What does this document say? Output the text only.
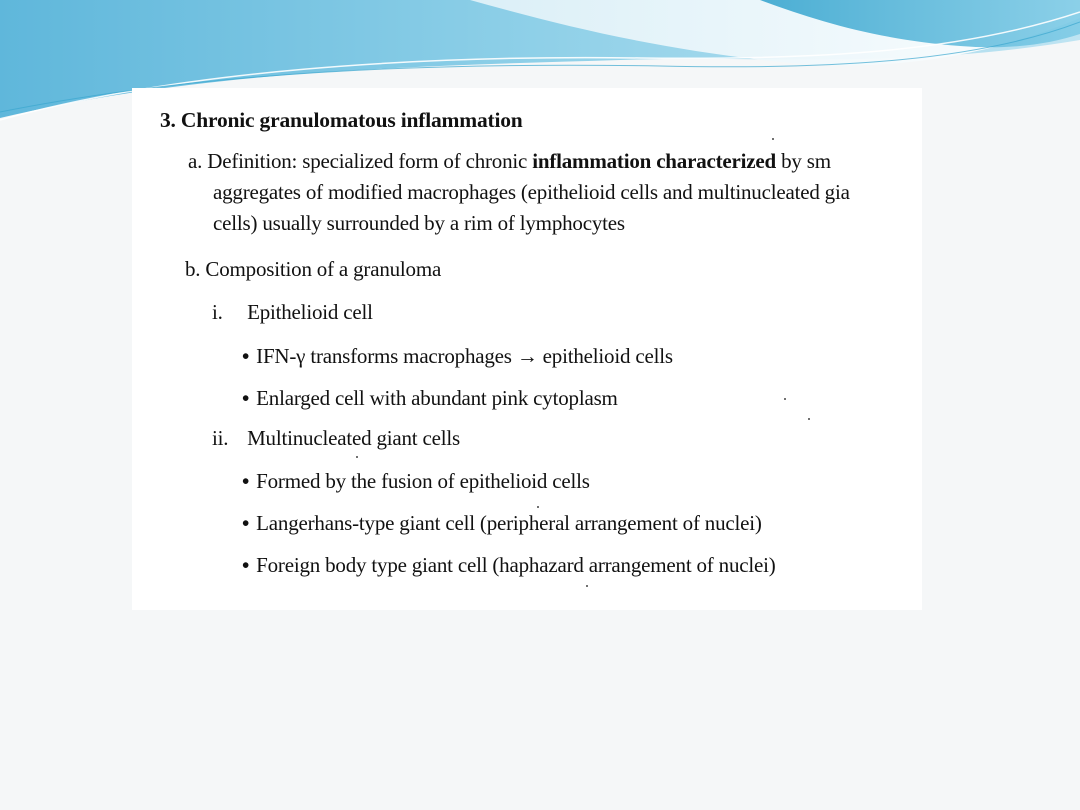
3. Chronic granulomatous inflammation
a. Definition: specialized form of chronic inflammation characterized by sm
aggregates of modified macrophages (epithelioid cells and multinucleated gia
cells) usually surrounded by a rim of lymphocytes
b. Composition of a granuloma
i. Epithelioid cell
• IFN-γ transforms macrophages → epithelioid cells
• Enlarged cell with abundant pink cytoplasm
ii. Multinucleated giant cells
• Formed by the fusion of epithelioid cells
• Langerhans-type giant cell (peripheral arrangement of nuclei)
• Foreign body type giant cell (haphazard arrangement of nuclei)
